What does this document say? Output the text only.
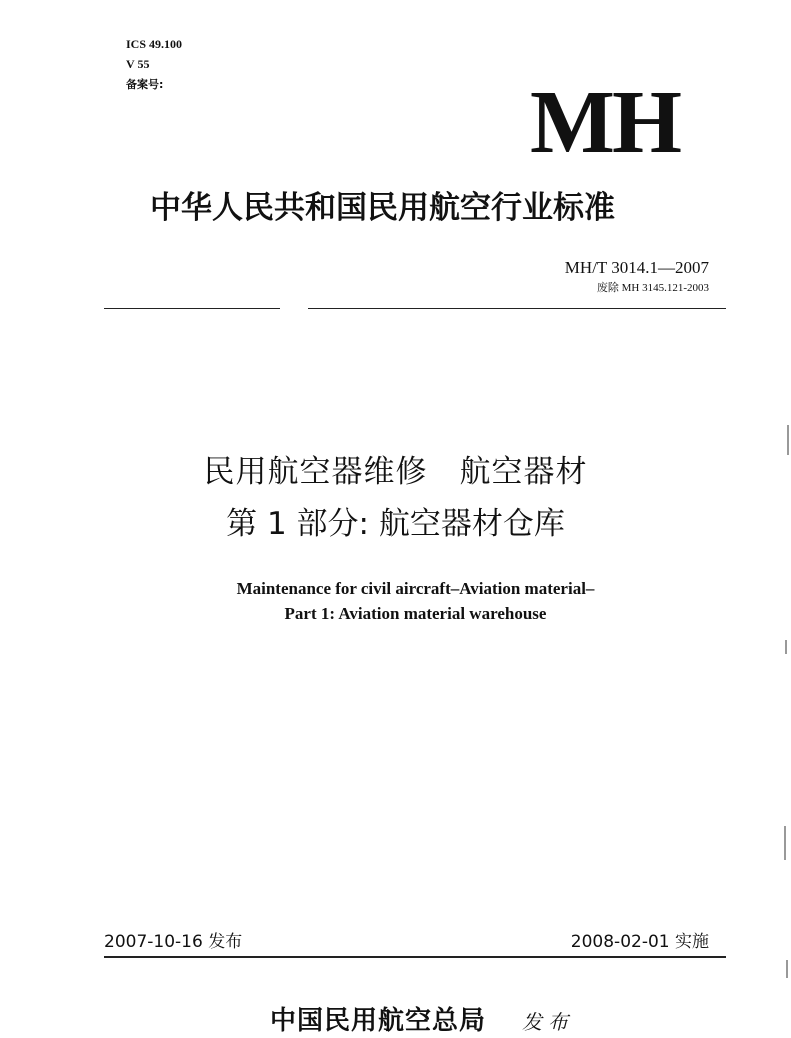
ICS 49.100
V 55
备案号:	MH
中华人民共和国民用航空行业标准
MH/T 3014.1—2007
废除 MH 3145.121-2003
民用航空器维修　航空器材
第 1 部分: 航空器材仓库
Maintenance for civil aircraft–Aviation material–
Part 1: Aviation material warehouse
2007-10-16 发布	2008-02-01 实施
中国民用航空总局 发布
